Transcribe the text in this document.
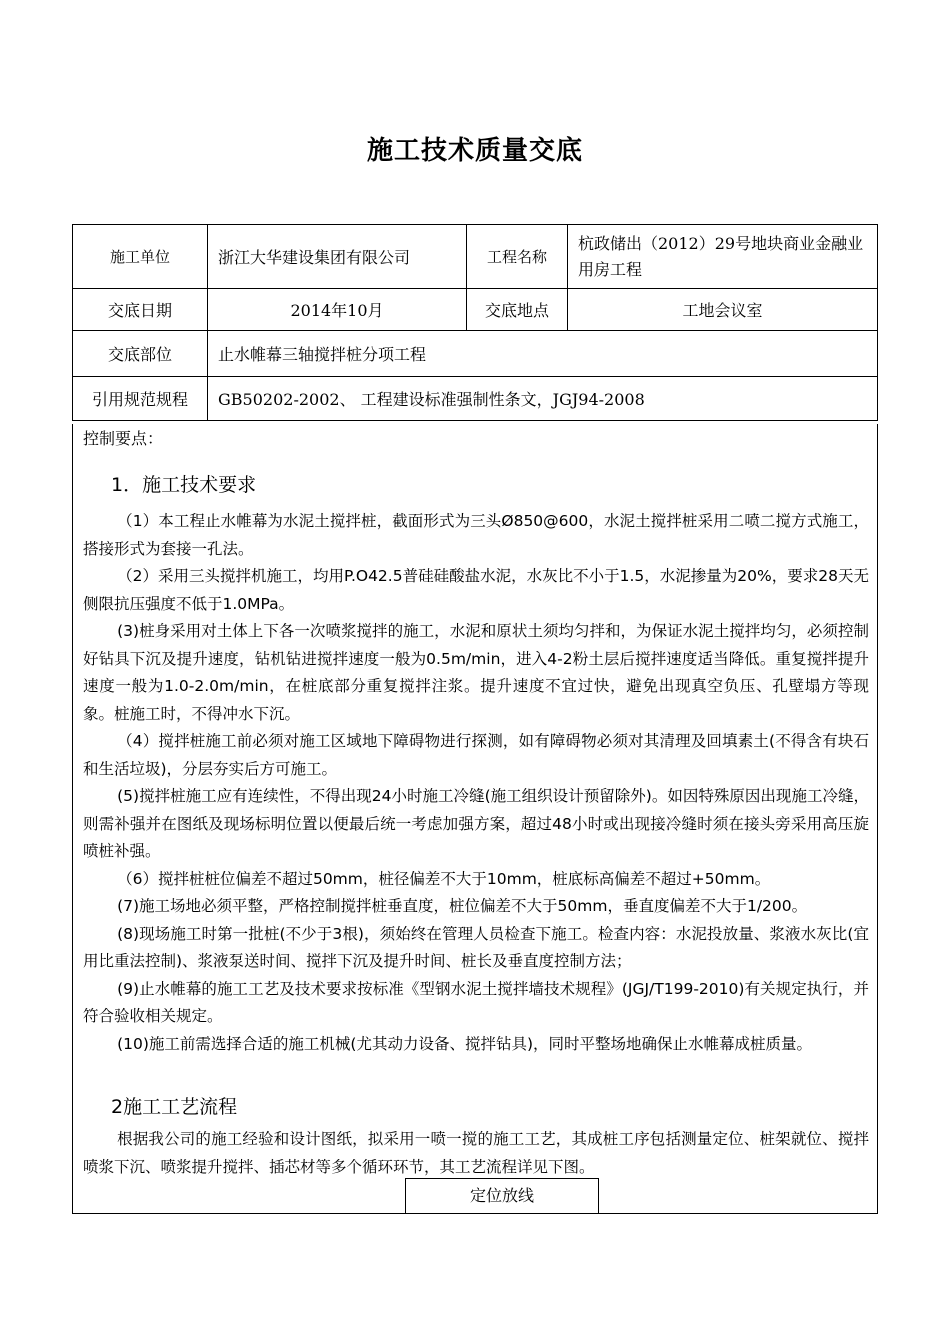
施工技术质量交底
施工单位	浙江大华建设集团有限公司	工程名称	杭政储出（2012）29号地块商业金融业用房工程
交底日期	2014年10月	交底地点	工地会议室
交底部位	止水帷幕三轴搅拌桩分项工程		
引用规范规程	GB50202-2002、 工程建设标准强制性条文，JGJ94-2008		
控制要点：
1．施工技术要求

（1）本工程止水帷幕为水泥土搅拌桩，截面形式为三头Ø850@600，水泥土搅拌桩采用二喷二搅方式施工，搭接形式为套接一孔法。

（2）采用三头搅拌机施工，均用P.O42.5普硅硅酸盐水泥，水灰比不小于1.5，水泥掺量为20%，要求28天无侧限抗压强度不低于1.0MPa。

(3)桩身采用对土体上下各一次喷浆搅拌的施工，水泥和原状土须均匀拌和，为保证水泥土搅拌均匀，必须控制好钻具下沉及提升速度，钻机钻进搅拌速度一般为0.5m/min，进入4-2粉土层后搅拌速度适当降低。重复搅拌提升速度一般为1.0-2.0m/min，在桩底部分重复搅拌注浆。提升速度不宜过快，避免出现真空负压、孔壁塌方等现象。桩施工时，不得冲水下沉。

（4）搅拌桩施工前必须对施工区域地下障碍物进行探测，如有障碍物必须对其清理及回填素土(不得含有块石和生活垃圾)，分层夯实后方可施工。

(5)搅拌桩施工应有连续性，不得出现24小时施工冷缝(施工组织设计预留除外)。如因特殊原因出现施工冷缝，则需补强并在图纸及现场标明位置以便最后统一考虑加强方案，超过48小时或出现接冷缝时须在接头旁采用高压旋喷桩补强。

（6）搅拌桩桩位偏差不超过50mm，桩径偏差不大于10mm，桩底标高偏差不超过+50mm。

(7)施工场地必须平整，严格控制搅拌桩垂直度，桩位偏差不大于50mm，垂直度偏差不大于1/200。

(8)现场施工时第一批桩(不少于3根)，须始终在管理人员检查下施工。检查内容：水泥投放量、浆液水灰比(宜用比重法控制)、浆液泵送时间、搅拌下沉及提升时间、桩长及垂直度控制方法；

(9)止水帷幕的施工工艺及技术要求按标准《型钢水泥土搅拌墙技术规程》(JGJ/T199-2010)有关规定执行，并符合验收相关规定。

(10)施工前需选择合适的施工机械(尤其动力设备、搅拌钻具)，同时平整场地确保止水帷幕成桩质量。

2施工工艺流程

根据我公司的施工经验和设计图纸，拟采用一喷一搅的施工工艺，其成桩工序包括测量定位、桩架就位、搅拌喷浆下沉、喷浆提升搅拌、插芯材等多个循环环节，其工艺流程详见下图。

定位放线
